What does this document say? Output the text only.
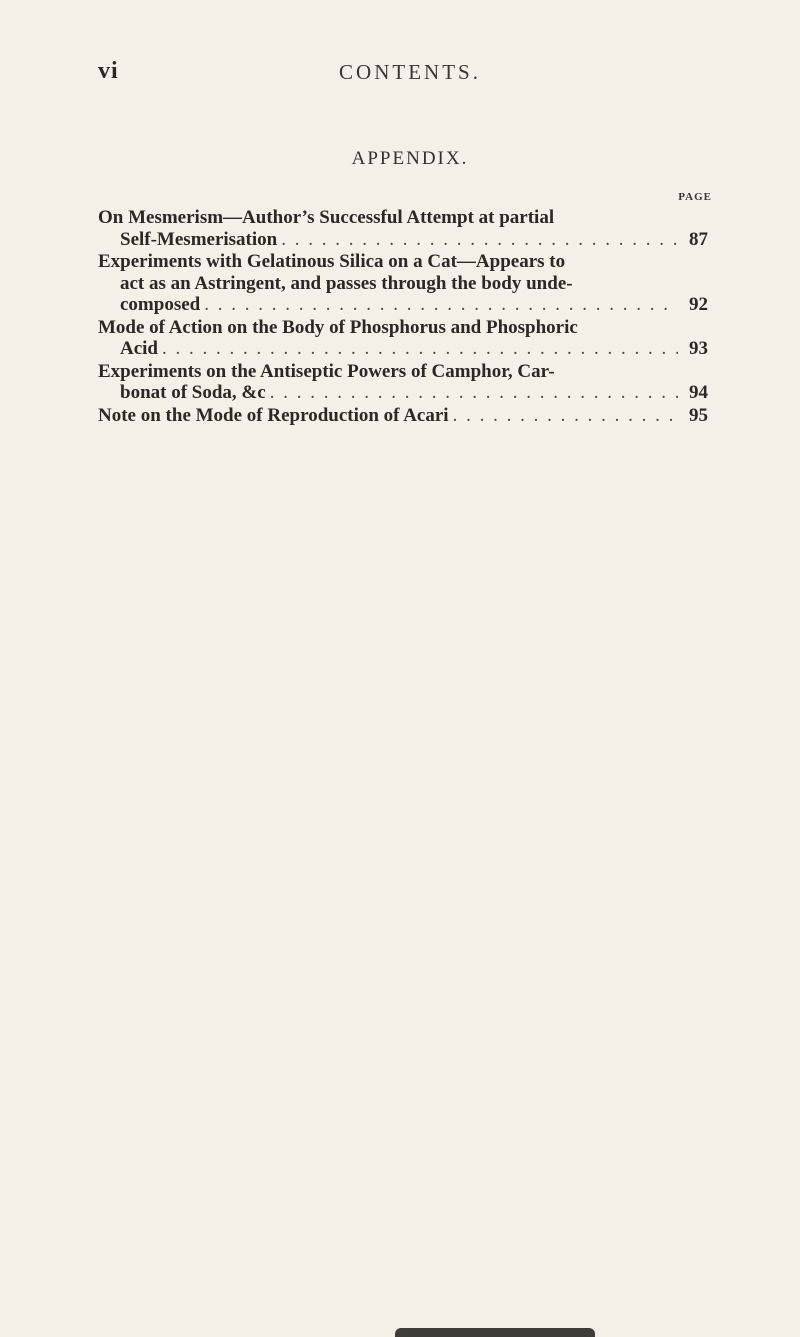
vi	CONTENTS.
APPENDIX.
PAGE
On Mesmerism—Author’s Successful Attempt at partial
Self-Mesmerisation . . .	87
Experiments with Gelatinous Silica on a Cat—Appears to
act as an Astringent, and passes through the body unde-
composed . . .	92
Mode of Action on the Body of Phosphorus and Phosphoric
Acid . . .	93
Experiments on the Antiseptic Powers of Camphor, Car-
bonat of Soda, &c . . .	94
Note on the Mode of Reproduction of Acari . . .	95
